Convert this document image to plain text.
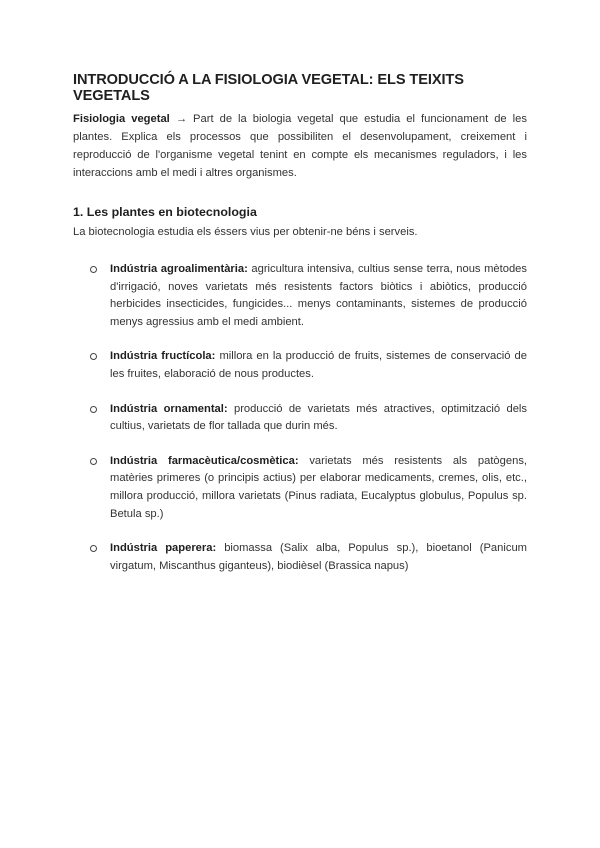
INTRODUCCIÓ A LA FISIOLOGIA VEGETAL: ELS TEIXITS VEGETALS

Fisiologia vegetal → Part de la biologia vegetal que estudia el funcionament de les plantes. Explica els processos que possibiliten el desenvolupament, creixement i reproducció de l'organisme vegetal tenint en compte els mecanismes reguladors, i les interaccions amb el medi i altres organismes.

1. Les plantes en biotecnologia

La biotecnologia estudia els éssers vius per obtenir-ne béns i serveis.

Indústria agroalimentària: agricultura intensiva, cultius sense terra, nous mètodes d'irrigació, noves varietats més resistents factors biòtics i abiòtics, producció herbicides insecticides, fungicides... menys contaminants, sistemes de producció menys agressius amb el medi ambient.
Indústria fructícola: millora en la producció de fruits, sistemes de conservació de les fruites, elaboració de nous productes.
Indústria ornamental: producció de varietats més atractives, optimització dels cultius, varietats de flor tallada que durin més.
Indústria farmacèutica/cosmètica: varietats més resistents als patògens, matèries primeres (o principis actius) per elaborar medicaments, cremes, olis, etc., millora producció, millora varietats (Pinus radiata, Eucalyptus globulus, Populus sp. Betula sp.)
Indústria paperera: biomassa (Salix alba, Populus sp.), bioetanol (Panicum virgatum, Miscanthus giganteus), biodièsel (Brassica napus)
